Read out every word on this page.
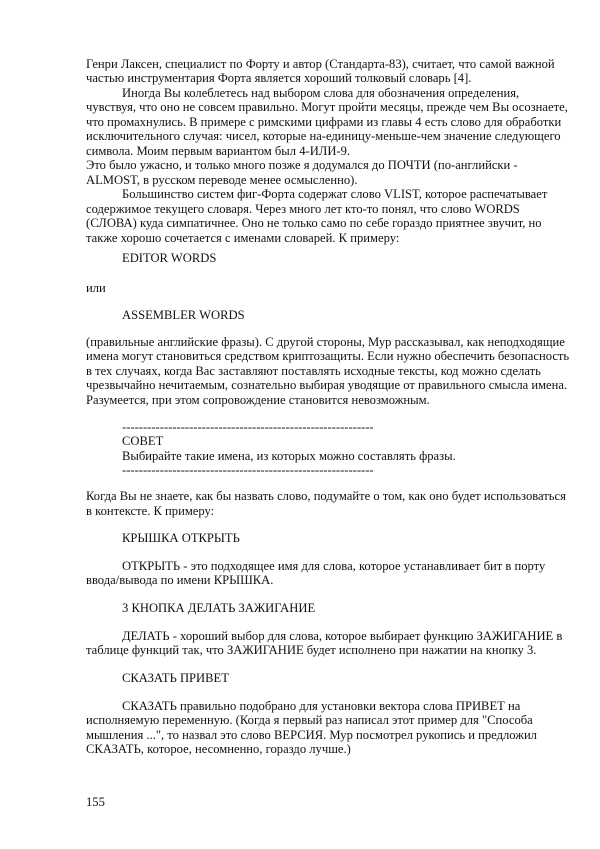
Генри Лаксен, специалист по Форту и автор (Стандарта-83), считает, что самой важной
частью инструментария Форта является хороший толковый словарь [4].
Иногда Вы колеблетесь над выбором слова для обозначения определения,
чувствуя, что оно не совсем правильно. Могут пройти месяцы, прежде чем Вы осознаете,
что промахнулись. В примере с римскими цифрами из главы 4 есть слово для обработки
исключительного случая: чисел, которые на-единицу-меньше-чем значение следующего
символа. Моим первым вариантом был 4-ИЛИ-9.
Это было ужасно, и только много позже я додумался до ПОЧТИ (по-английски -
ALMOST, в русском переводе менее осмысленно).
Большинство систем фиг-Форта содержат слово VLIST, которое распечатывает
содержимое текущего словаря. Через много лет кто-то понял, что слово WORDS
(СЛОВА) куда симпатичнее. Оно не только само по себе гораздо приятнее звучит, но
также хорошо сочетается с именами словарей. К примеру:
EDITOR WORDS
или
ASSEMBLER WORDS
(правильные английские фразы). С другой стороны, Мур рассказывал, как неподходящие
имена могут становиться средством криптозащиты. Если нужно обеспечить безопасность
в тех случаях, когда Вас заставляют поставлять исходные тексты, код можно сделать
чрезвычайно нечитаемым, сознательно выбирая уводящие от правильного смысла имена.
Разумеется, при этом сопровождение становится невозможным.
------------------------------------------------------------
СОВЕТ
Выбирайте такие имена, из которых можно составлять фразы.
------------------------------------------------------------
Когда Вы не знаете, как бы назвать слово, подумайте о том, как оно будет использоваться
в контексте. К примеру:
КРЫШКА ОТКРЫТЬ
ОТКРЫТЬ - это подходящее имя для слова, которое устанавливает бит в порту
ввода/вывода по имени КРЫШКА.
3 КНОПКА ДЕЛАТЬ ЗАЖИГАНИЕ
ДЕЛАТЬ - хороший выбор для слова, которое выбирает функцию ЗАЖИГАНИЕ в
таблице функций так, что ЗАЖИГАНИЕ будет исполнено при нажатии на кнопку 3.
СКАЗАТЬ ПРИВЕТ
СКАЗАТЬ правильно подобрано для установки вектора слова ПРИВЕТ на
исполняемую переменную. (Когда я первый раз написал этот пример для "Способа
мышления ...", то назвал это слово ВЕРСИЯ. Мур посмотрел рукопись и предложил
СКАЗАТЬ, которое, несомненно, гораздо лучше.)
155
